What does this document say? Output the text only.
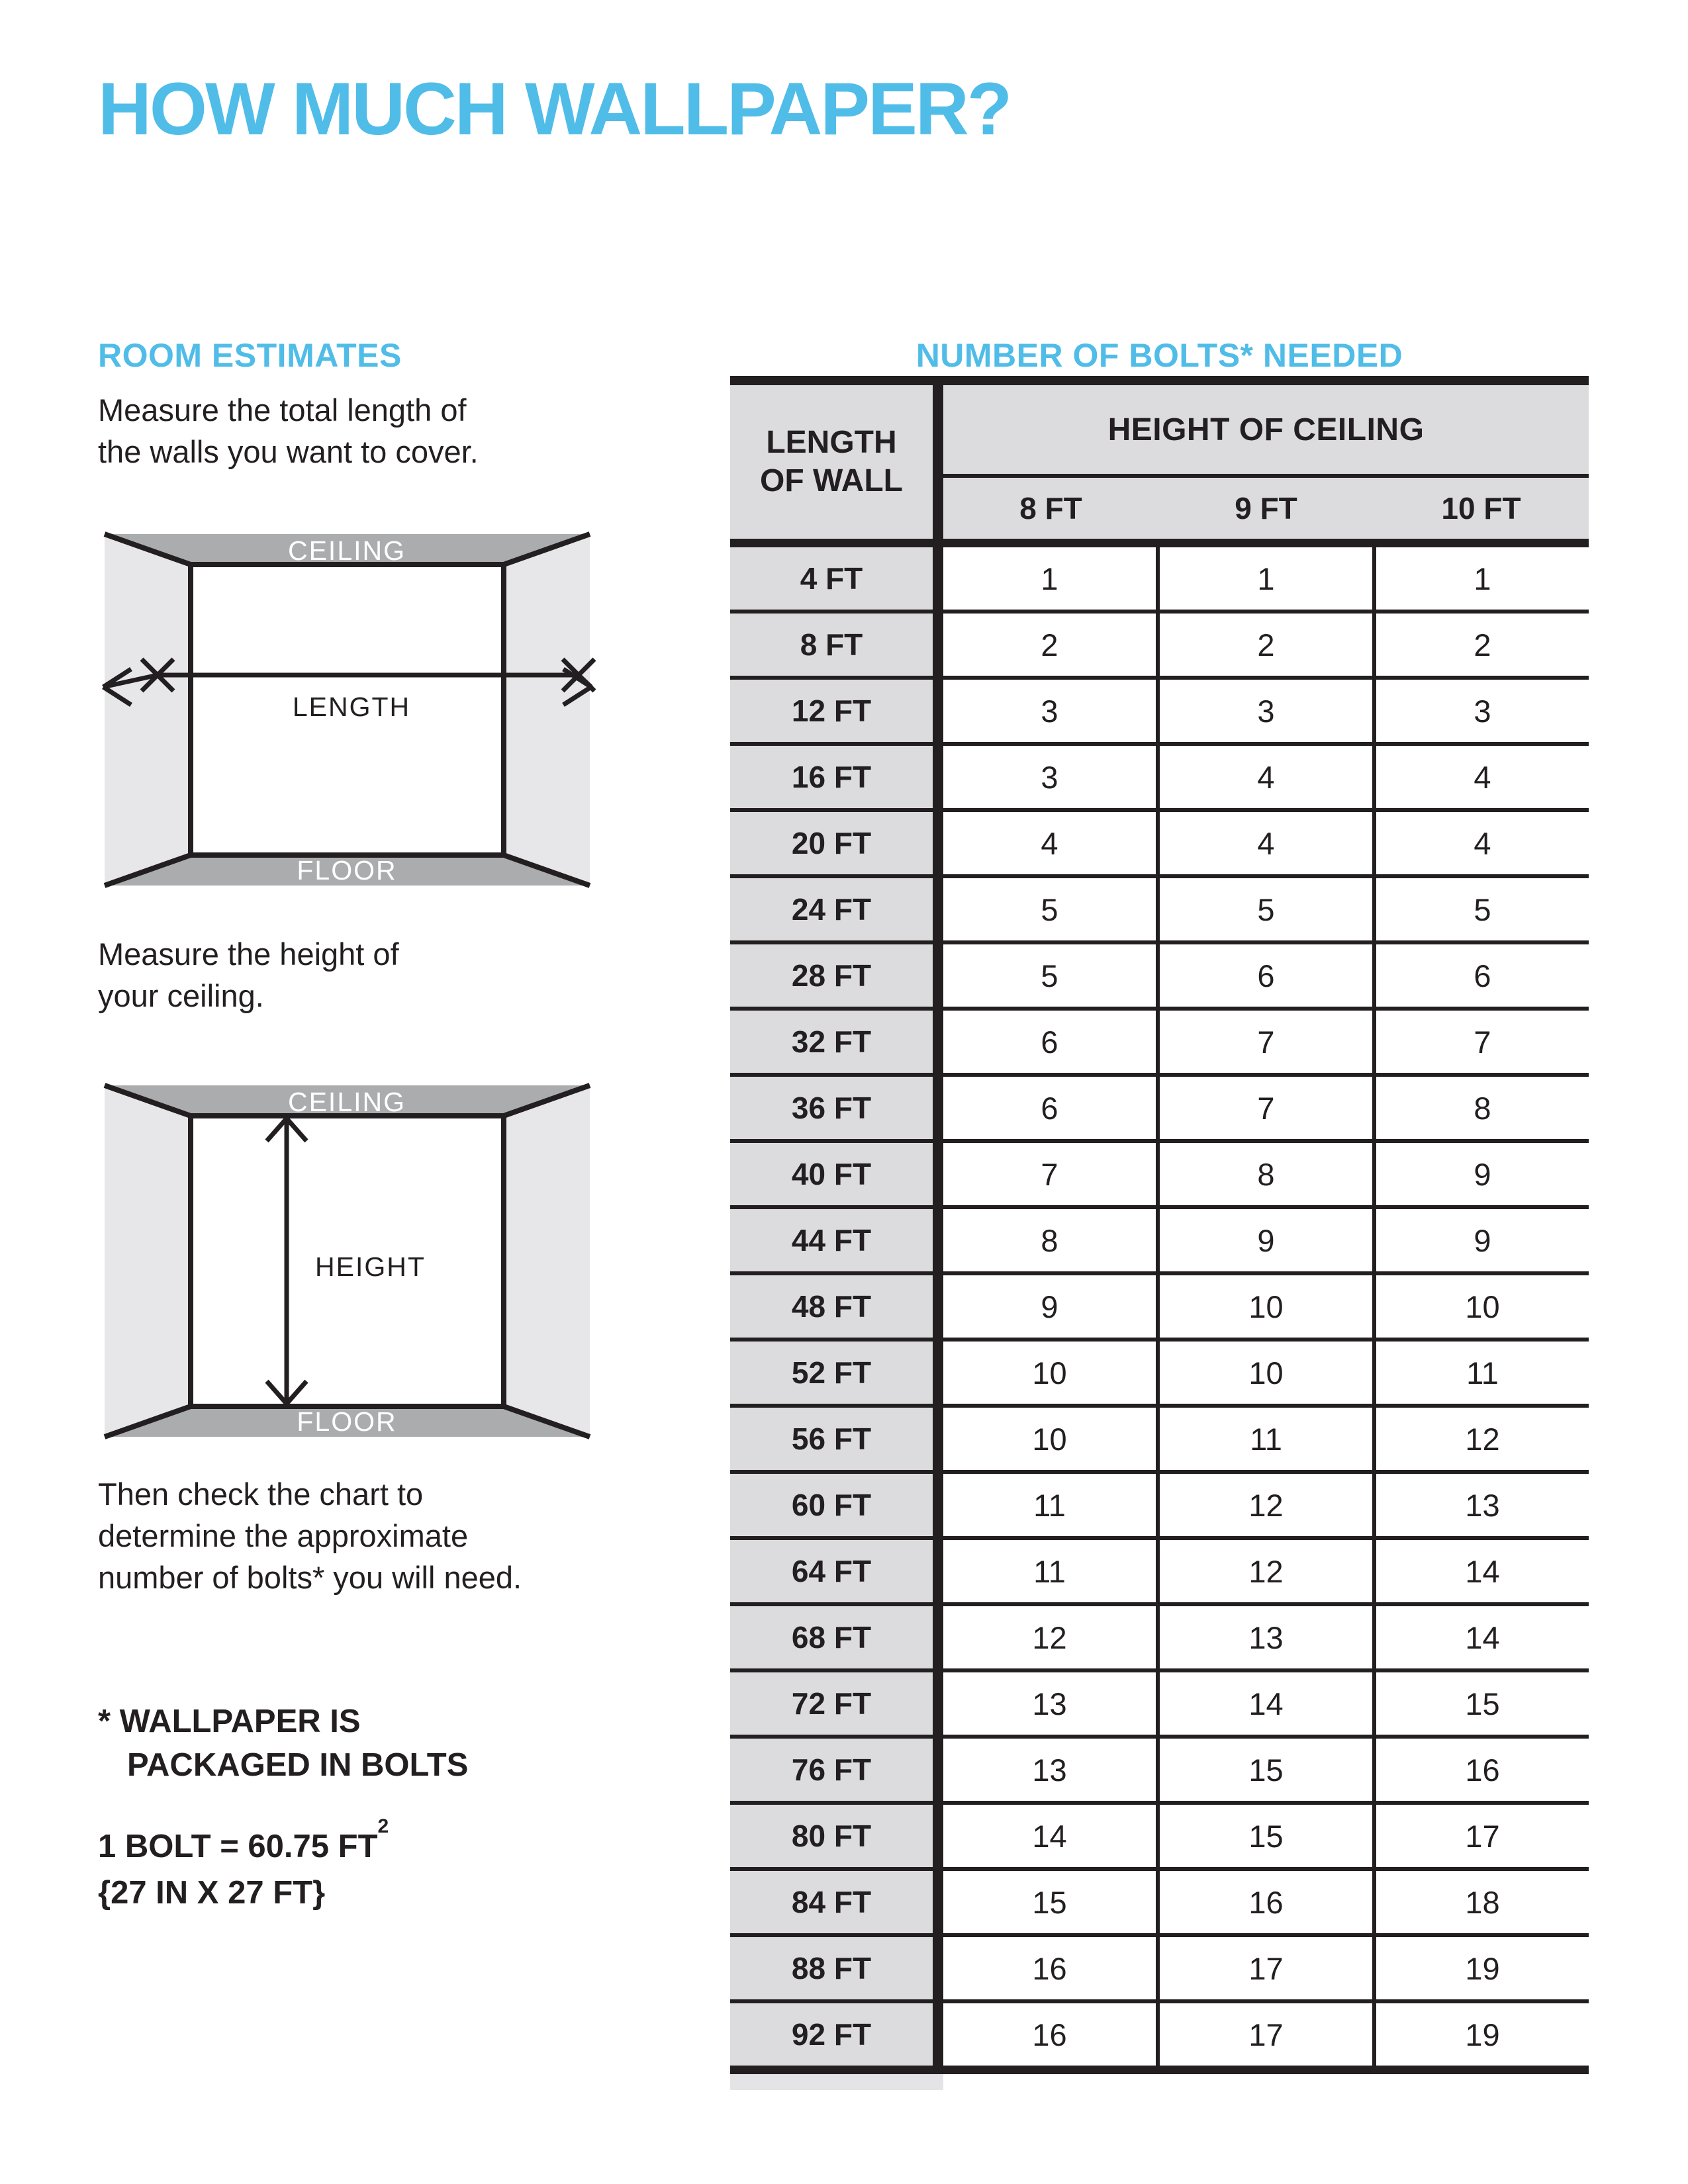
HOW MUCH WALLPAPER?
ROOM ESTIMATES	NUMBER OF BOLTS* NEEDED
Measure the total length of
the walls you want to cover.
CEILING
FLOOR
LENGTH
Measure the height of
your ceiling.
CEILING
FLOOR
HEIGHT
Then check the chart to
determine the approximate
number of bolts* you will need.
* WALLPAPER IS
PACKAGED IN BOLTS
1 BOLT = 60.75 $FT^2$
{27 IN X 27 FT}
LENGTH
OF WALL
HEIGHT OF CEILING
8 FT	9 FT	10 FT
4 FT	1	1	1
8 FT	2	2	2
12 FT	3	3	3
16 FT	3	4	4
20 FT	4	4	4
24 FT	5	5	5
28 FT	5	6	6
32 FT	6	7	7
36 FT	6	7	8
40 FT	7	8	9
44 FT	8	9	9
48 FT	9	10	10
52 FT	10	10	11
56 FT	10	11	12
60 FT	11	12	13
64 FT	11	12	14
68 FT	12	13	14
72 FT	13	14	15
76 FT	13	15	16
80 FT	14	15	17
84 FT	15	16	18
88 FT	16	17	19
92 FT	16	17	19
